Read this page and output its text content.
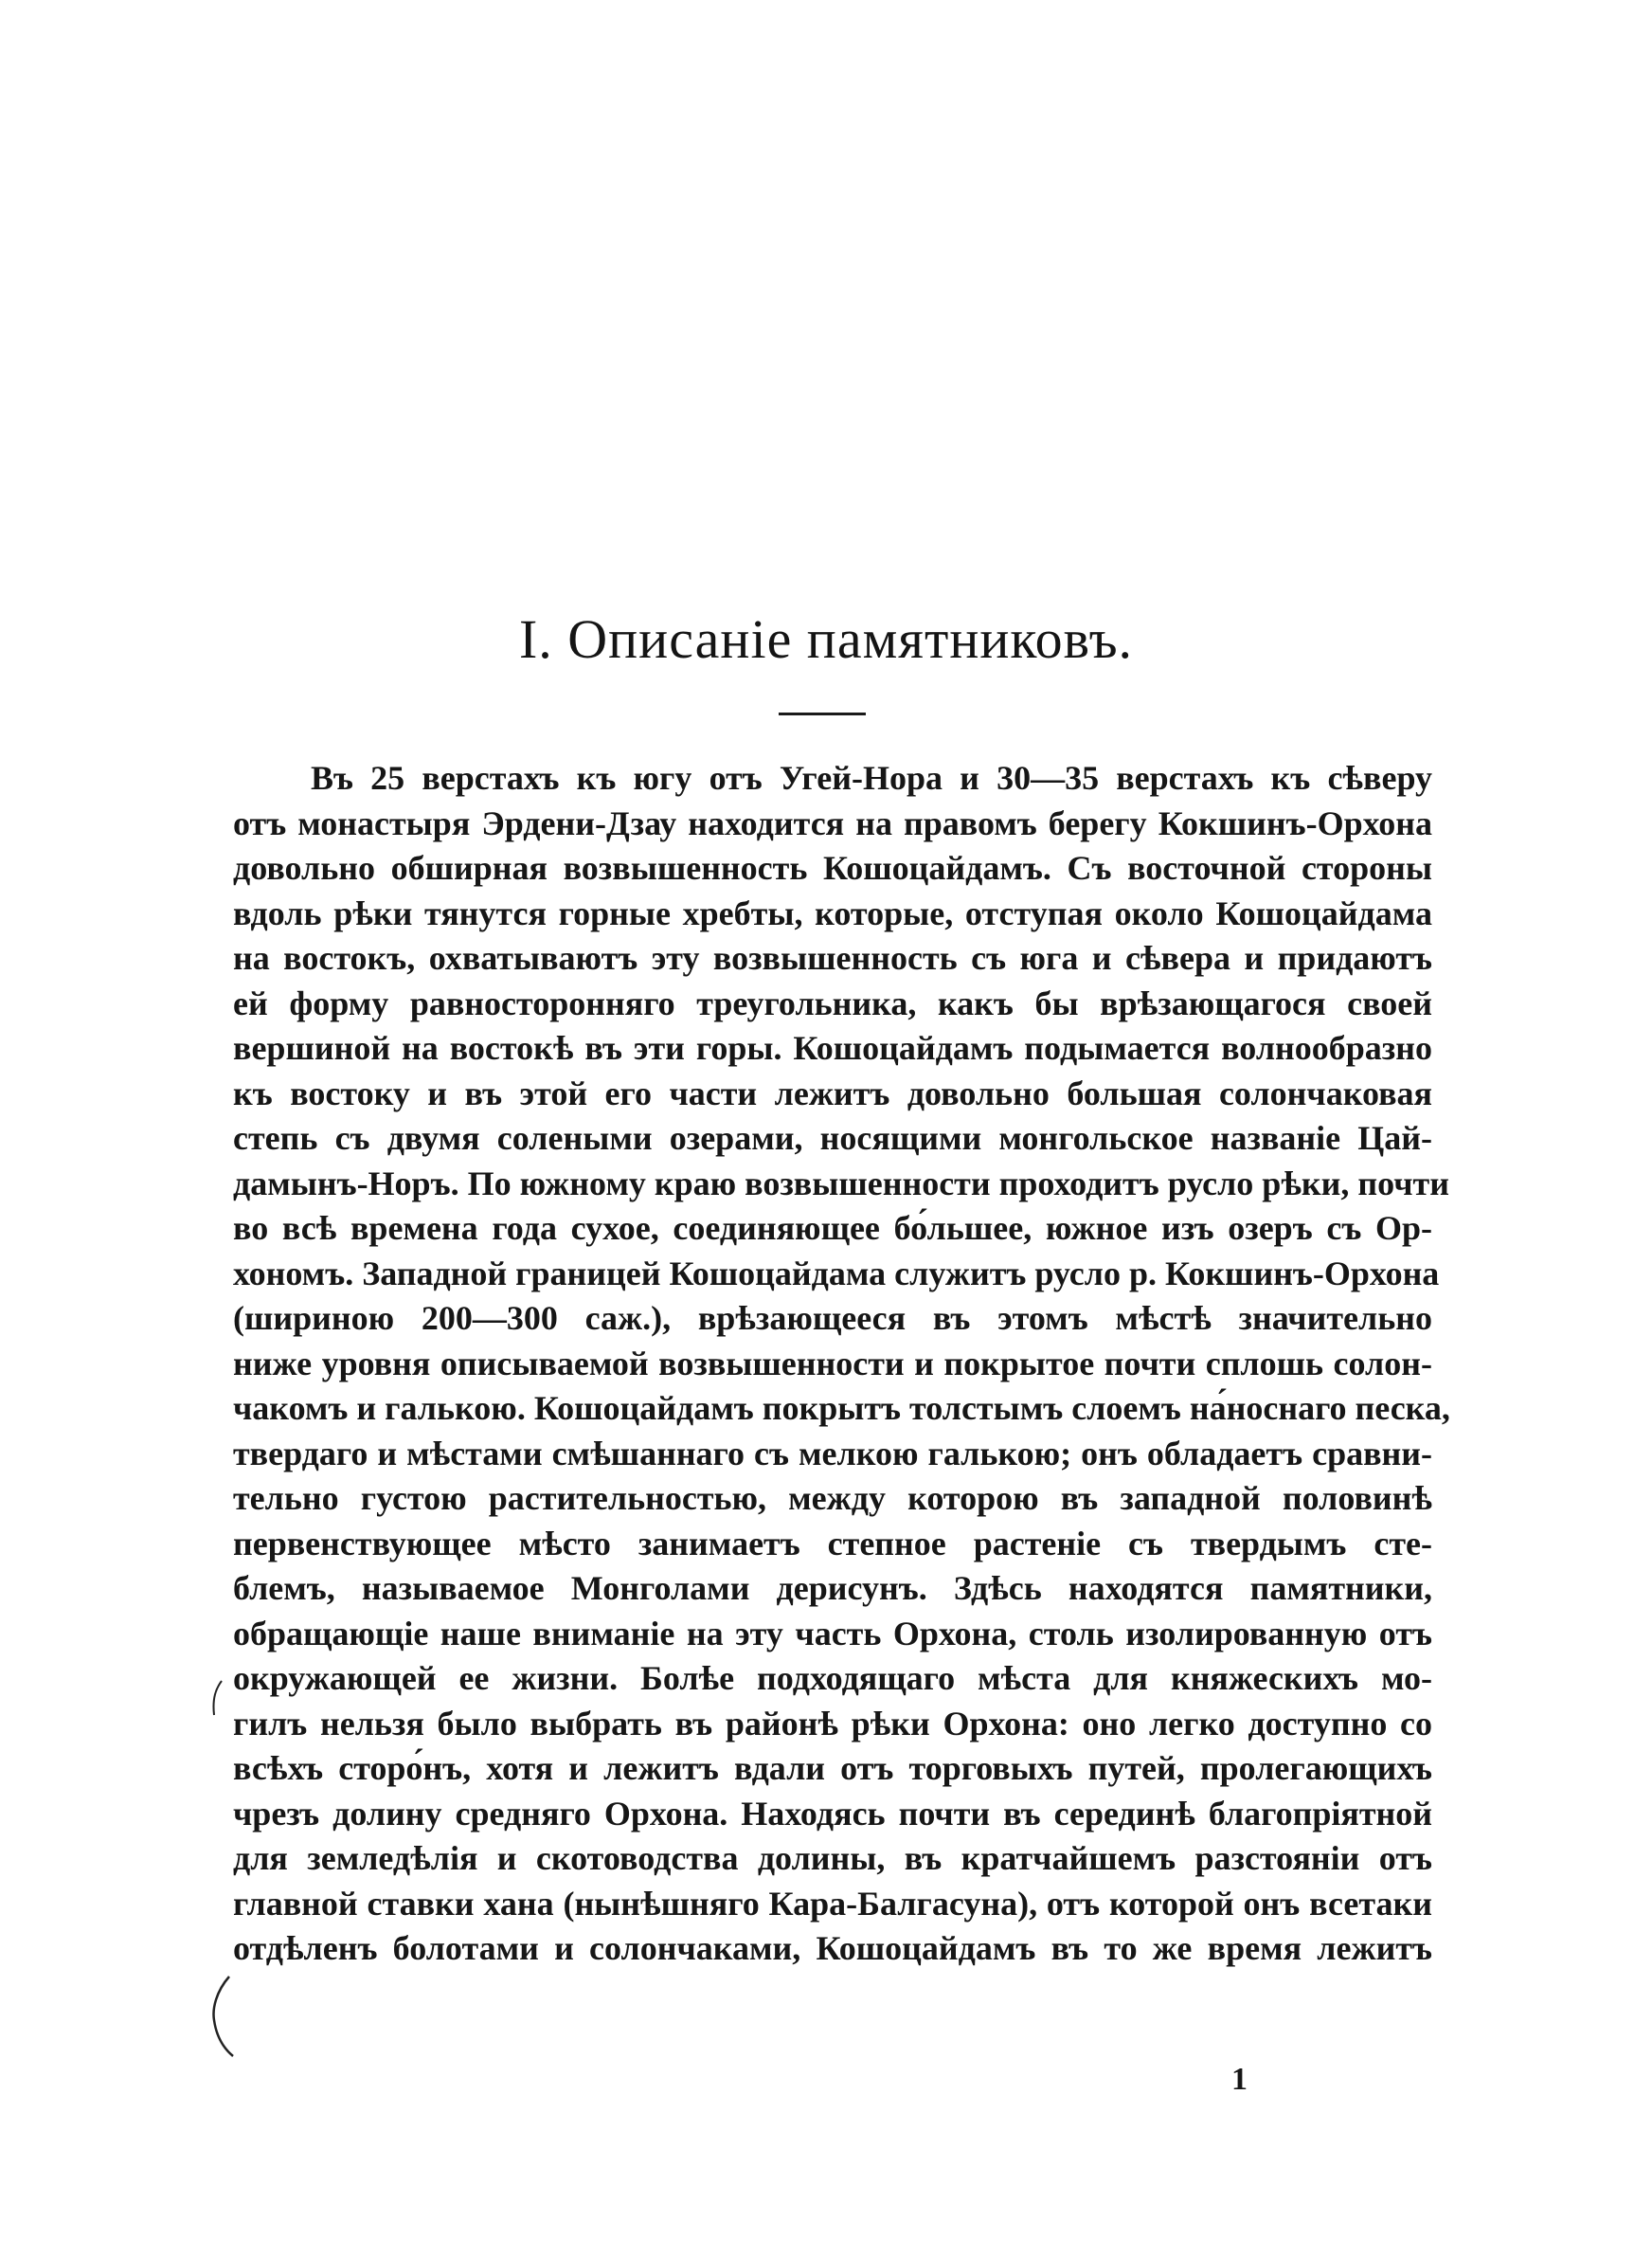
I. Описаніе памятниковъ.
Въ 25 верстахъ къ югу отъ Угей-Нора и 30—35 верстахъ къ сѣверу
отъ монастыря Эрдени-Дзау находится на правомъ берегу Кокшинъ-Орхона
довольно обширная возвышенность Кошоцайдамъ. Съ восточной стороны
вдоль рѣки тянутся горные хребты, которые, отступая около Кошоцайдама
на востокъ, охватываютъ эту возвышенность съ юга и сѣвера и придаютъ
ей форму равносторонняго треугольника, какъ бы врѣзающагося своей
вершиной на востокѣ въ эти горы. Кошоцайдамъ подымается волнообразно
къ востоку и въ этой его части лежитъ довольно большая солончаковая
степь съ двумя солеными озерами, носящими монгольское названіе Цай-
дамынъ-Норъ. По южному краю возвышенности проходитъ русло рѣки, почти
во всѣ времена года сухое, соединяющее бо́льшее, южное изъ озеръ съ Ор-
хономъ. Западной границей Кошоцайдама служитъ русло р. Кокшинъ-Орхона
(шириною 200—300 саж.), врѣзающееся въ этомъ мѣстѣ значительно
ниже уровня описываемой возвышенности и покрытое почти сплошь солон-
чакомъ и галькою. Кошоцайдамъ покрытъ толстымъ слоемъ на́носнаго песка,
твердаго и мѣстами смѣшаннаго съ мелкою галькою; онъ обладаетъ сравни-
тельно густою растительностью, между которою въ западной половинѣ
первенствующее мѣсто занимаетъ степное растеніе съ твердымъ сте-
блемъ, называемое Монголами дерисунъ. Здѣсь находятся памятники,
обращающіе наше вниманіе на эту часть Орхона, столь изолированную отъ
окружающей ее жизни. Болѣе подходящаго мѣста для княжескихъ мо-
гилъ нельзя было выбрать въ районѣ рѣки Орхона: оно легко доступно со
всѣхъ сторо́нъ, хотя и лежитъ вдали отъ торговыхъ путей, пролегающихъ
чрезъ долину средняго Орхона. Находясь почти въ серединѣ благопріятной
для земледѣлія и скотоводства долины, въ кратчайшемъ разстояніи отъ
главной ставки хана (нынѣшняго Кара-Балгасуна), отъ которой онъ всетаки
отдѣленъ болотами и солончаками, Кошоцайдамъ въ то же время лежитъ
1
